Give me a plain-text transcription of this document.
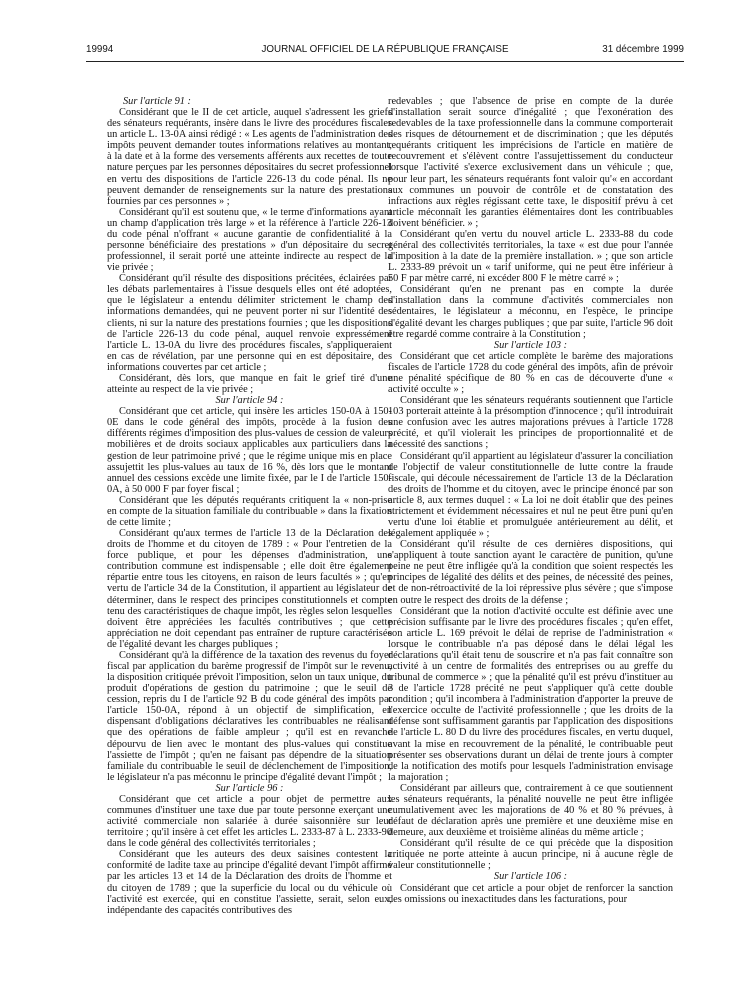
19994	JOURNAL OFFICIEL DE LA RÉPUBLIQUE FRANÇAISE	31 décembre 1999

Sur l'article 91 :

Considérant que le II de cet article, auquel s'adressent les griefs des sénateurs requérants, insère dans le livre des procédures fiscales un article L. 13-0A ainsi rédigé : « Les agents de l'administration des impôts peuvent demander toutes informations relatives au montant, à la date et à la forme des versements afférents aux recettes de toute nature perçues par les personnes dépositaires du secret professionnel en vertu des dispositions de l'article 226-13 du code pénal. Ils ne peuvent demander de renseignements sur la nature des prestations fournies par ces personnes » ;

Considérant qu'il est soutenu que, « le terme d'informations ayant un champ d'application très large » et la référence à l'article 226-13 du code pénal n'offrant « aucune garantie de confidentialité à la personne bénéficiaire des prestations » d'un dépositaire du secret professionnel, il serait porté une atteinte indirecte au respect de la vie privée ;

Considérant qu'il résulte des dispositions précitées, éclairées par les débats parlementaires à l'issue desquels elles ont été adoptées, que le législateur a entendu délimiter strictement le champ des informations demandées, qui ne peuvent porter ni sur l'identité des clients, ni sur la nature des prestations fournies ; que les dispositions de l'article 226-13 du code pénal, auquel renvoie expressément l'article L. 13-0A du livre des procédures fiscales, s'appliqueraient en cas de révélation, par une personne qui en est dépositaire, des informations couvertes par cet article ;

Considérant, dès lors, que manque en fait le grief tiré d'une atteinte au respect de la vie privée ;

Sur l'article 94 :

Considérant que cet article, qui insère les articles 150-0A à 150-0E dans le code général des impôts, procède à la fusion des différents régimes d'imposition des plus-values de cession de valeurs mobilières et de droits sociaux applicables aux particuliers dans la gestion de leur patrimoine privé ; que le régime unique mis en place assujettit les plus-values au taux de 16 %, dès lors que le montant annuel des cessions excède une limite fixée, par le I de l'article 150-0A, à 50 000 F par foyer fiscal ;

Considérant que les députés requérants critiquent la « non-prise en compte de la situation familiale du contribuable » dans la fixation de cette limite ;

Considérant qu'aux termes de l'article 13 de la Déclaration des droits de l'homme et du citoyen de 1789 : « Pour l'entretien de la force publique, et pour les dépenses d'administration, une contribution commune est indispensable ; elle doit être également répartie entre tous les citoyens, en raison de leurs facultés » ; qu'en vertu de l'article 34 de la Constitution, il appartient au législateur de déterminer, dans le respect des principes constitutionnels et compte tenu des caractéristiques de chaque impôt, les règles selon lesquelles doivent être appréciées les facultés contributives ; que cette appréciation ne doit cependant pas entraîner de rupture caractérisée de l'égalité devant les charges publiques ;

Considérant qu'à la différence de la taxation des revenus du foyer fiscal par application du barème progressif de l'impôt sur le revenu, la disposition critiquée prévoit l'imposition, selon un taux unique, du produit d'opérations de gestion du patrimoine ; que le seuil de cession, repris du I de l'article 92 B du code général des impôts par l'article 150-0A, répond à un objectif de simplification, en dispensant d'obligations déclaratives les contribuables ne réalisant que des opérations de faible ampleur ; qu'il est en revanche dépourvu de lien avec le montant des plus-values qui constitue l'assiette de l'impôt ; qu'en ne faisant pas dépendre de la situation familiale du contribuable le seuil de déclenchement de l'imposition, le législateur n'a pas méconnu le principe d'égalité devant l'impôt ;

Sur l'article 96 :

Considérant que cet article a pour objet de permettre aux communes d'instituer une taxe due par toute personne exerçant une activité commerciale non salariée à durée saisonnière sur leur territoire ; qu'il insère à cet effet les articles L. 2333-87 à L. 2333-90 dans le code général des collectivités territoriales ;

Considérant que les auteurs des deux saisines contestent la conformité de ladite taxe au principe d'égalité devant l'impôt affirmé par les articles 13 et 14 de la Déclaration des droits de l'homme et du citoyen de 1789 ; que la superficie du local ou du véhicule où l'activité est exercée, qui en constitue l'assiette, serait, selon eux, indépendante des capacités contributives des

redevables ; que l'absence de prise en compte de la durée d'installation serait source d'inégalité ; que l'exonération des redevables de la taxe professionnelle dans la commune comporterait des risques de détournement et de discrimination ; que les députés requérants critiquent les imprécisions de l'article en matière de recouvrement et s'élèvent contre l'assujettissement du conducteur lorsque l'activité s'exerce exclusivement dans un véhicule ; que, pour leur part, les sénateurs requérants font valoir qu'« en accordant aux communes un pouvoir de contrôle et de constatation des infractions aux règles régissant cette taxe, le dispositif prévu à cet article méconnaît les garanties élémentaires dont les contribuables doivent bénéficier. » ;

Considérant qu'en vertu du nouvel article L. 2333-88 du code général des collectivités territoriales, la taxe « est due pour l'année d'imposition à la date de la première installation. » ; que son article L. 2333-89 prévoit un « tarif uniforme, qui ne peut être inférieur à 50 F par mètre carré, ni excéder 800 F le mètre carré » ;

Considérant qu'en ne prenant pas en compte la durée d'installation dans la commune d'activités commerciales non sédentaires, le législateur a méconnu, en l'espèce, le principe d'égalité devant les charges publiques ; que par suite, l'article 96 doit être regardé comme contraire à la Constitution ;

Sur l'article 103 :

Considérant que cet article complète le barème des majorations fiscales de l'article 1728 du code général des impôts, afin de prévoir une pénalité spécifique de 80 % en cas de découverte d'une « activité occulte » ;

Considérant que les sénateurs requérants soutiennent que l'article 103 porterait atteinte à la présomption d'innocence ; qu'il introduirait une confusion avec les autres majorations prévues à l'article 1728 précité, et qu'il violerait les principes de proportionnalité et de nécessité des sanctions ;

Considérant qu'il appartient au législateur d'assurer la conciliation de l'objectif de valeur constitutionnelle de lutte contre la fraude fiscale, qui découle nécessairement de l'article 13 de la Déclaration des droits de l'homme et du citoyen, avec le principe énoncé par son article 8, aux termes duquel : « La loi ne doit établir que des peines strictement et évidemment nécessaires et nul ne peut être puni qu'en vertu d'une loi établie et promulguée antérieurement au délit, et légalement appliquée » ;

Considérant qu'il résulte de ces dernières dispositions, qui s'appliquent à toute sanction ayant le caractère de punition, qu'une peine ne peut être infligée qu'à la condition que soient respectés les principes de légalité des délits et des peines, de nécessité des peines, et de non-rétroactivité de la loi répressive plus sévère ; que s'impose en outre le respect des droits de la défense ;

Considérant que la notion d'activité occulte est définie avec une précision suffisante par le livre des procédures fiscales ; qu'en effet, son article L. 169 prévoit le délai de reprise de l'administration « lorsque le contribuable n'a pas déposé dans le délai légal les déclarations qu'il était tenu de souscrire et n'a pas fait connaître son activité à un centre de formalités des entreprises ou au greffe du tribunal de commerce » ; que la pénalité qu'il est prévu d'instituer au 3 de l'article 1728 précité ne peut s'appliquer qu'à cette double condition ; qu'il incombera à l'administration d'apporter la preuve de l'exercice occulte de l'activité professionnelle ; que les droits de la défense sont suffisamment garantis par l'application des dispositions de l'article L. 80 D du livre des procédures fiscales, en vertu duquel, avant la mise en recouvrement de la pénalité, le contribuable peut présenter ses observations durant un délai de trente jours à compter de la notification des motifs pour lesquels l'administration envisage la majoration ;

Considérant par ailleurs que, contrairement à ce que soutiennent les sénateurs requérants, la pénalité nouvelle ne peut être infligée cumulativement avec les majorations de 40 % et 80 % prévues, à défaut de déclaration après une première et une deuxième mise en demeure, aux deuxième et troisième alinéas du même article ;

Considérant qu'il résulte de ce qui précède que la disposition critiquée ne porte atteinte à aucun principe, ni à aucune règle de valeur constitutionnelle ;

Sur l'article 106 :

Considérant que cet article a pour objet de renforcer la sanction des omissions ou inexactitudes dans les facturations, pour
